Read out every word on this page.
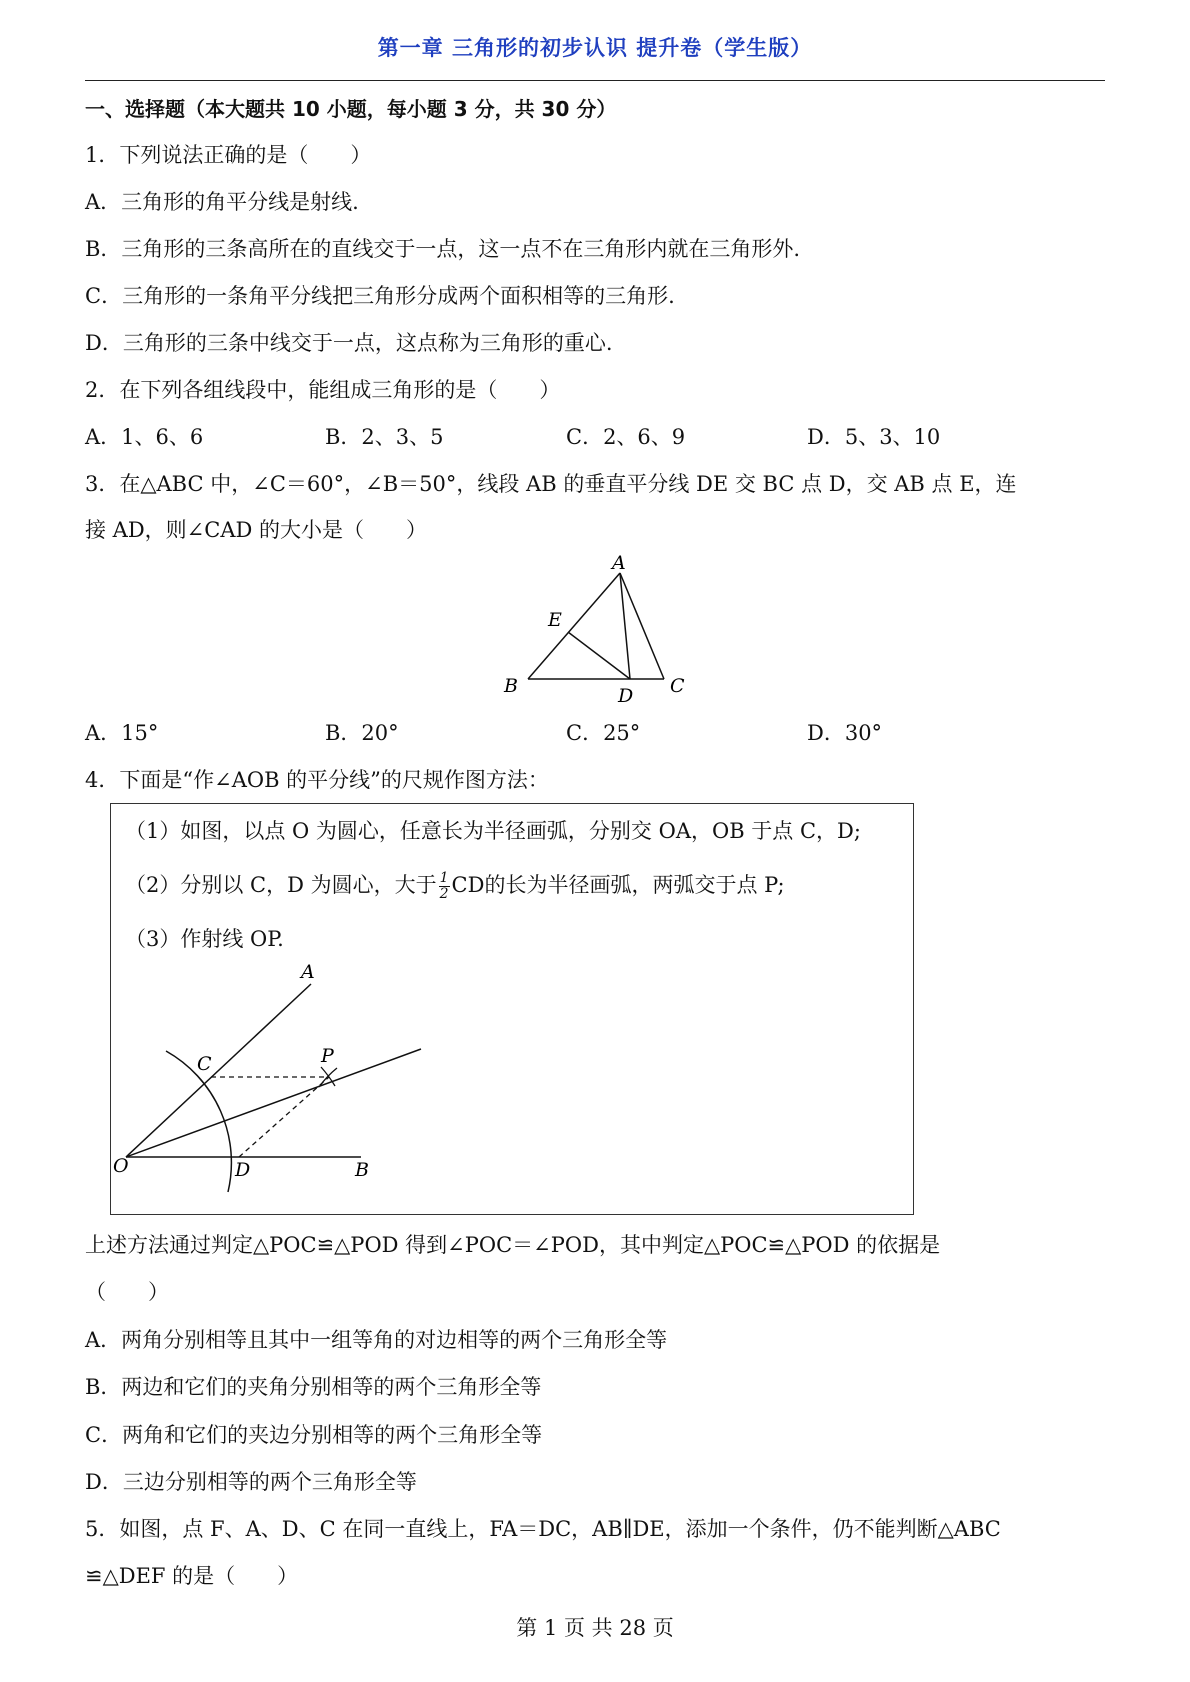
第一章 三角形的初步认识 提升卷（学生版）
一、选择题（本大题共 10 小题，每小题 3 分，共 30 分）
1．下列说法正确的是（　　）
A．三角形的角平分线是射线.
B．三角形的三条高所在的直线交于一点，这一点不在三角形内就在三角形外.
C．三角形的一条角平分线把三角形分成两个面积相等的三角形.
D．三角形的三条中线交于一点，这点称为三角形的重心.
2．在下列各组线段中，能组成三角形的是（　　）
A．1、6、6	B．2、3、5	C．2、6、9	D．5、3、10
3．在△ABC 中，∠C＝60°，∠B＝50°，线段 AB 的垂直平分线 DE 交 BC 点 D，交 AB 点 E，连
接 AD，则∠CAD 的大小是（　　）
A
E
B	D C
A．15°	B．20°	C．25°	D．30°
4．下面是“作∠AOB 的平分线”的尺规作图方法：
（1）如图，以点 O 为圆心，任意长为半径画弧，分别交 OA，OB 于点 C，D;
（2）分别以 C，D 为圆心，大于 $\frac{1}{2}$ CD的长为半径画弧，两弧交于点 P;
（3）作射线 OP.
A
C	P
O	D	B
上述方法通过判定△POC≌△POD 得到∠POC＝∠POD，其中判定△POC≌△POD 的依据是
（　　）
A．两角分别相等且其中一组等角的对边相等的两个三角形全等
B．两边和它们的夹角分别相等的两个三角形全等
C．两角和它们的夹边分别相等的两个三角形全等
D．三边分别相等的两个三角形全等
5．如图，点 F、A、D、C 在同一直线上，FA＝DC，AB∥DE，添加一个条件，仍不能判断△ABC
≌△DEF 的是（　　）
第 1 页 共 28 页
